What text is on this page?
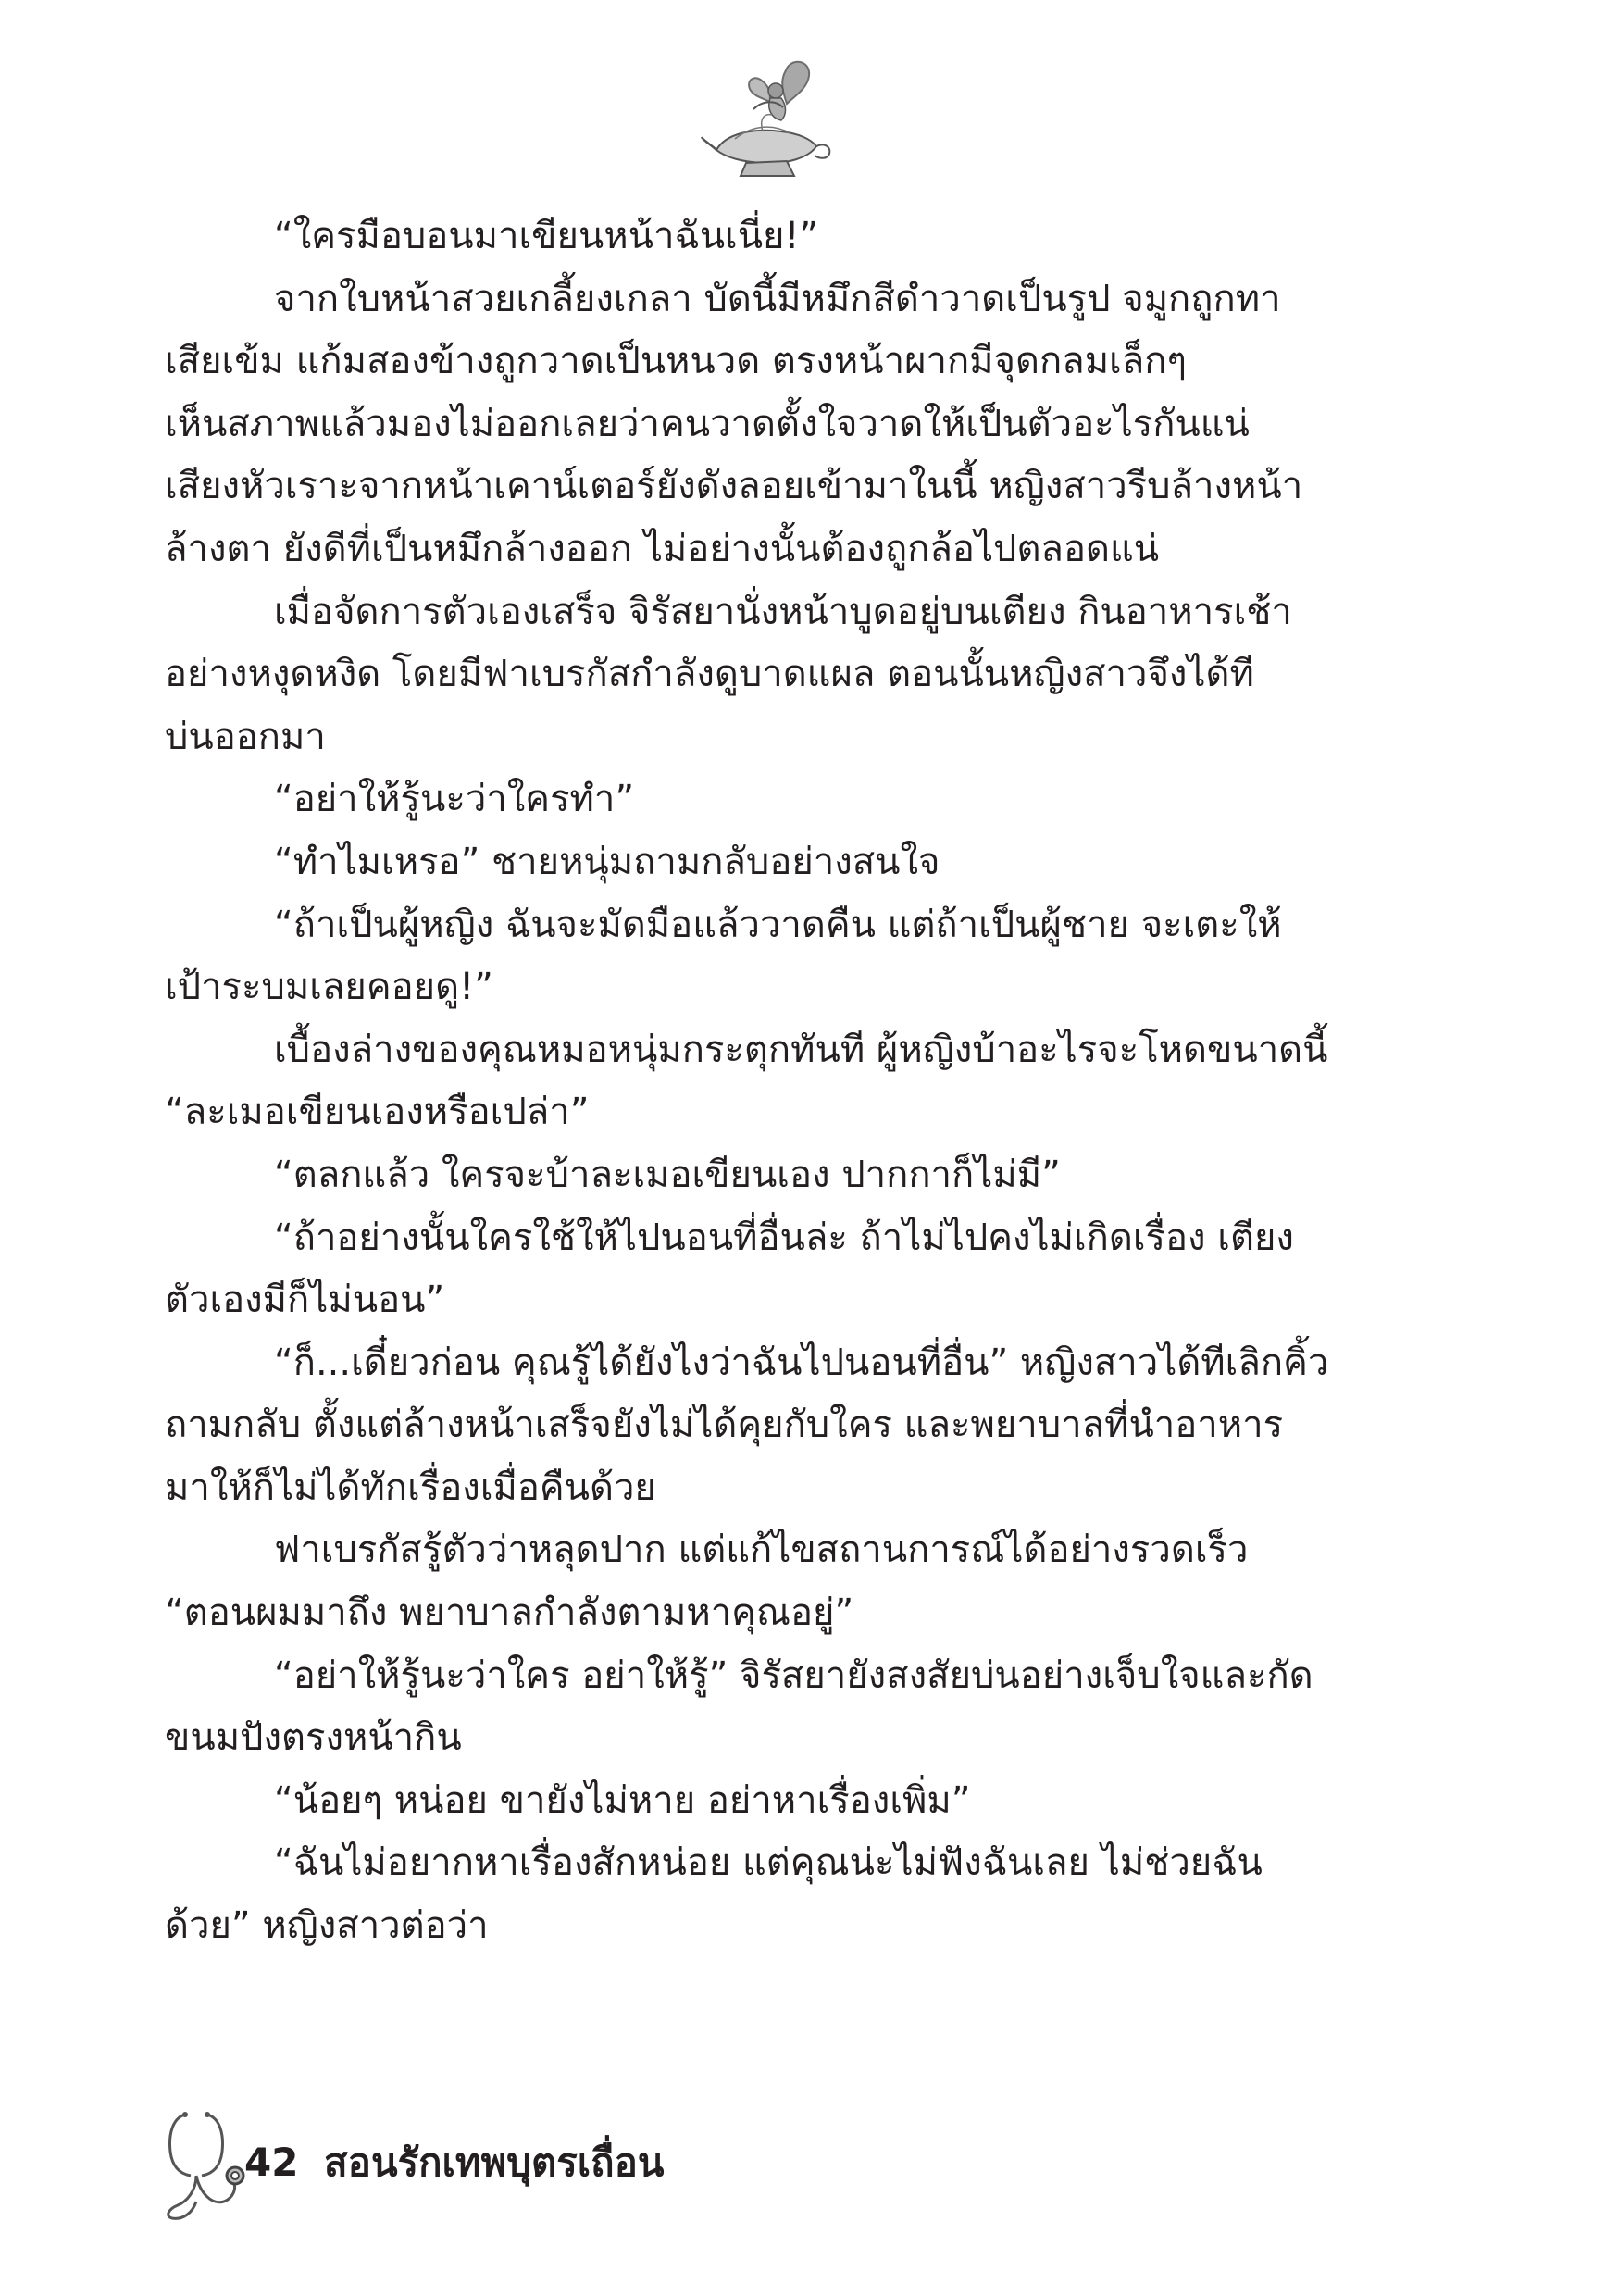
“ใครมือบอนมาเขียนหน้าฉันเนี่ย!”
จากใบหน้าสวยเกลี้ยงเกลา บัดนี้มีหมึกสีดำวาดเป็นรูป จมูกถูกทา
เสียเข้ม แก้มสองข้างถูกวาดเป็นหนวด ตรงหน้าผากมีจุดกลมเล็กๆ
เห็นสภาพแล้วมองไม่ออกเลยว่าคนวาดตั้งใจวาดให้เป็นตัวอะไรกันแน่
เสียงหัวเราะจากหน้าเคาน์เตอร์ยังดังลอยเข้ามาในนี้ หญิงสาวรีบล้างหน้า
ล้างตา ยังดีที่เป็นหมึกล้างออก ไม่อย่างนั้นต้องถูกล้อไปตลอดแน่
เมื่อจัดการตัวเองเสร็จ จิรัสยานั่งหน้าบูดอยู่บนเตียง กินอาหารเช้า
อย่างหงุดหงิด โดยมีฟาเบรกัสกำลังดูบาดแผล ตอนนั้นหญิงสาวจึงได้ที
บ่นออกมา
“อย่าให้รู้นะว่าใครทำ”
“ทำไมเหรอ” ชายหนุ่มถามกลับอย่างสนใจ
“ถ้าเป็นผู้หญิง ฉันจะมัดมือแล้ววาดคืน แต่ถ้าเป็นผู้ชาย จะเตะให้
เป้าระบมเลยคอยดู!”
เบื้องล่างของคุณหมอหนุ่มกระตุกทันที ผู้หญิงบ้าอะไรจะโหดขนาดนี้
“ละเมอเขียนเองหรือเปล่า”
“ตลกแล้ว ใครจะบ้าละเมอเขียนเอง ปากกาก็ไม่มี”
“ถ้าอย่างนั้นใครใช้ให้ไปนอนที่อื่นล่ะ ถ้าไม่ไปคงไม่เกิดเรื่อง เตียง
ตัวเองมีก็ไม่นอน”
“ก็...เดี๋ยวก่อน คุณรู้ได้ยังไงว่าฉันไปนอนที่อื่น” หญิงสาวได้ทีเลิกคิ้ว
ถามกลับ ตั้งแต่ล้างหน้าเสร็จยังไม่ได้คุยกับใคร และพยาบาลที่นำอาหาร
มาให้ก็ไม่ได้ทักเรื่องเมื่อคืนด้วย
ฟาเบรกัสรู้ตัวว่าหลุดปาก แต่แก้ไขสถานการณ์ได้อย่างรวดเร็ว
“ตอนผมมาถึง พยาบาลกำลังตามหาคุณอยู่”
“อย่าให้รู้นะว่าใคร อย่าให้รู้” จิรัสยายังสงสัยบ่นอย่างเจ็บใจและกัด
ขนมปังตรงหน้ากิน
“น้อยๆ หน่อย ขายังไม่หาย อย่าหาเรื่องเพิ่ม”
“ฉันไม่อยากหาเรื่องสักหน่อย แต่คุณน่ะไม่ฟังฉันเลย ไม่ช่วยฉัน
ด้วย” หญิงสาวต่อว่า
42 สอนรักเทพบุตรเถื่อน
